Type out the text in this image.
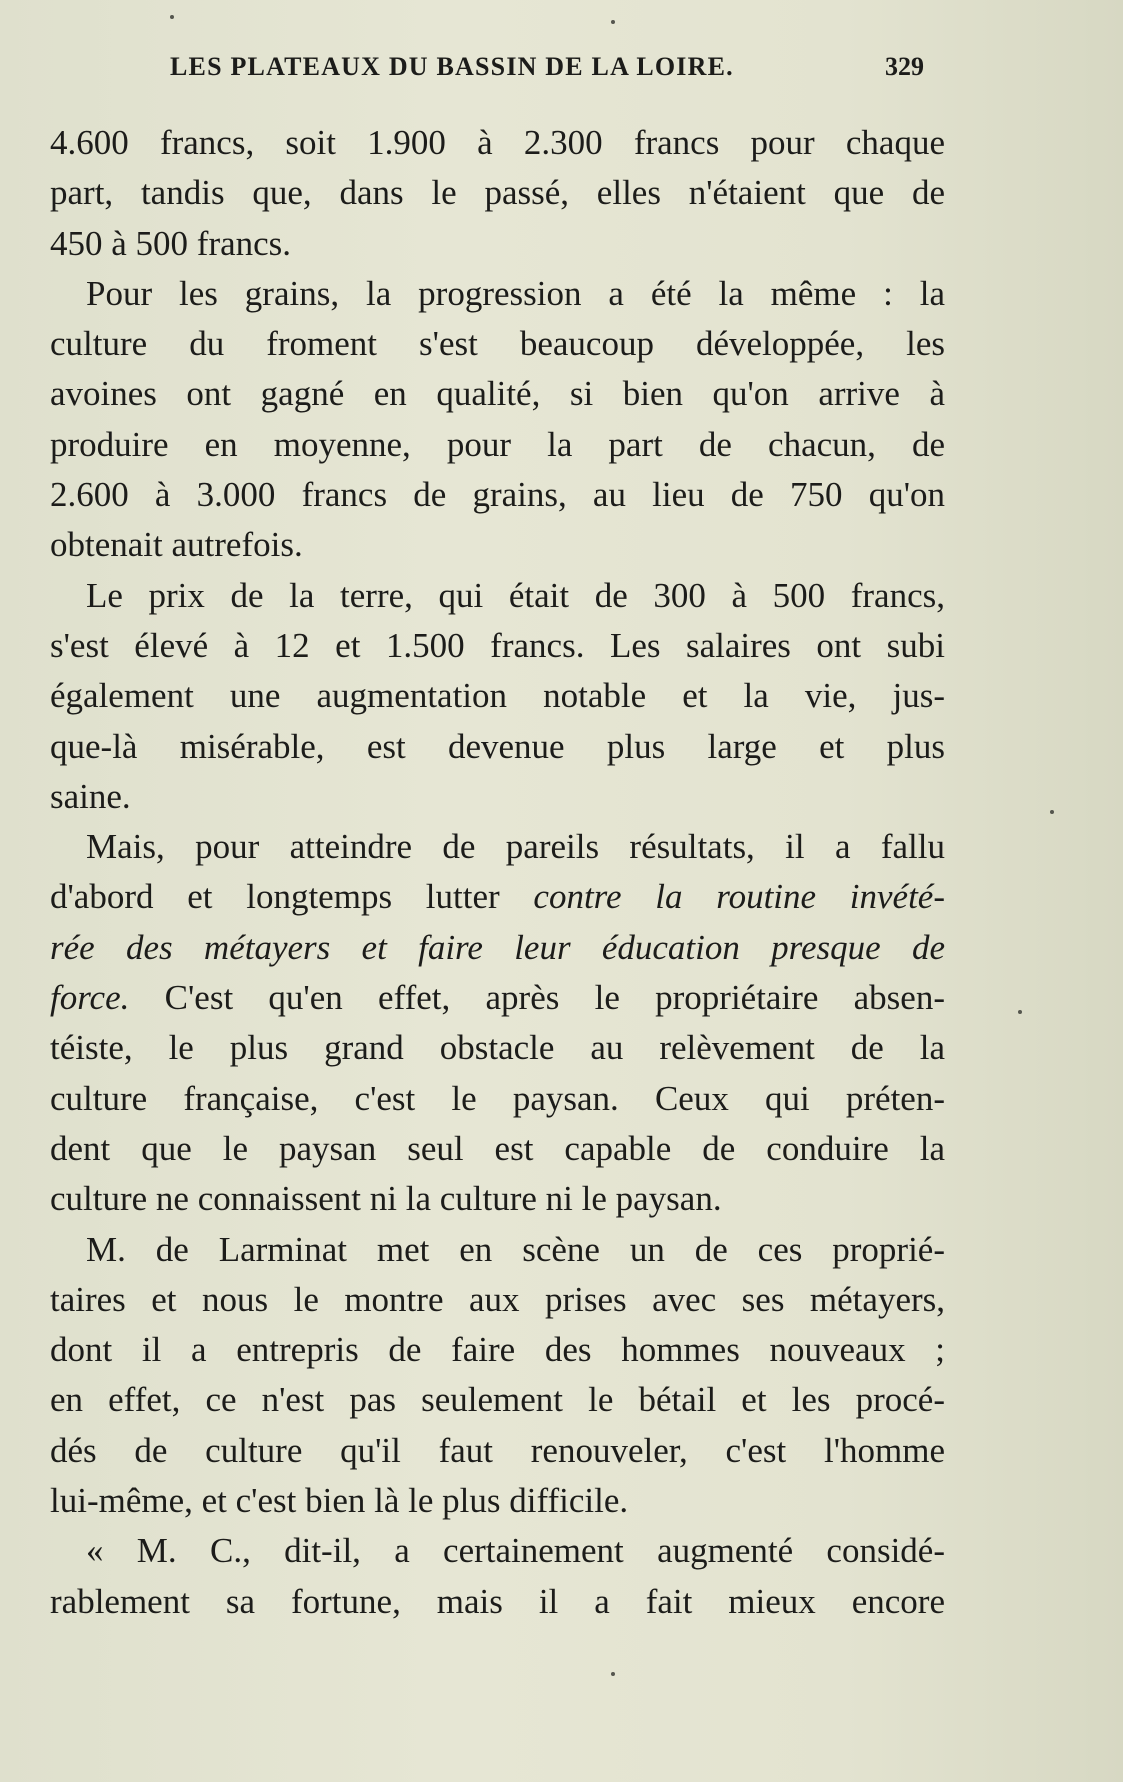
LES PLATEAUX DU BASSIN DE LA LOIRE.	329
4.600 francs, soit 1.900 à 2.300 francs pour chaque
part, tandis que, dans le passé, elles n'étaient que de
450 à 500 francs.
Pour les grains, la progression a été la même : la
culture du froment s'est beaucoup développée, les
avoines ont gagné en qualité, si bien qu'on arrive à
produire en moyenne, pour la part de chacun, de
2.600 à 3.000 francs de grains, au lieu de 750 qu'on
obtenait autrefois.
Le prix de la terre, qui était de 300 à 500 francs,
s'est élevé à 12 et 1.500 francs. Les salaires ont subi
également une augmentation notable et la vie, jus-
que-là misérable, est devenue plus large et plus
saine.
Mais, pour atteindre de pareils résultats, il a fallu
d'abord et longtemps lutter contre la routine invété-
rée des métayers et faire leur éducation presque de
force. C'est qu'en effet, après le propriétaire absen-
téiste, le plus grand obstacle au relèvement de la
culture française, c'est le paysan. Ceux qui préten-
dent que le paysan seul est capable de conduire la
culture ne connaissent ni la culture ni le paysan.
M. de Larminat met en scène un de ces proprié-
taires et nous le montre aux prises avec ses métayers,
dont il a entrepris de faire des hommes nouveaux ;
en effet, ce n'est pas seulement le bétail et les procé-
dés de culture qu'il faut renouveler, c'est l'homme
lui-même, et c'est bien là le plus difficile.
« M. C., dit-il, a certainement augmenté considé-
rablement sa fortune, mais il a fait mieux encore
